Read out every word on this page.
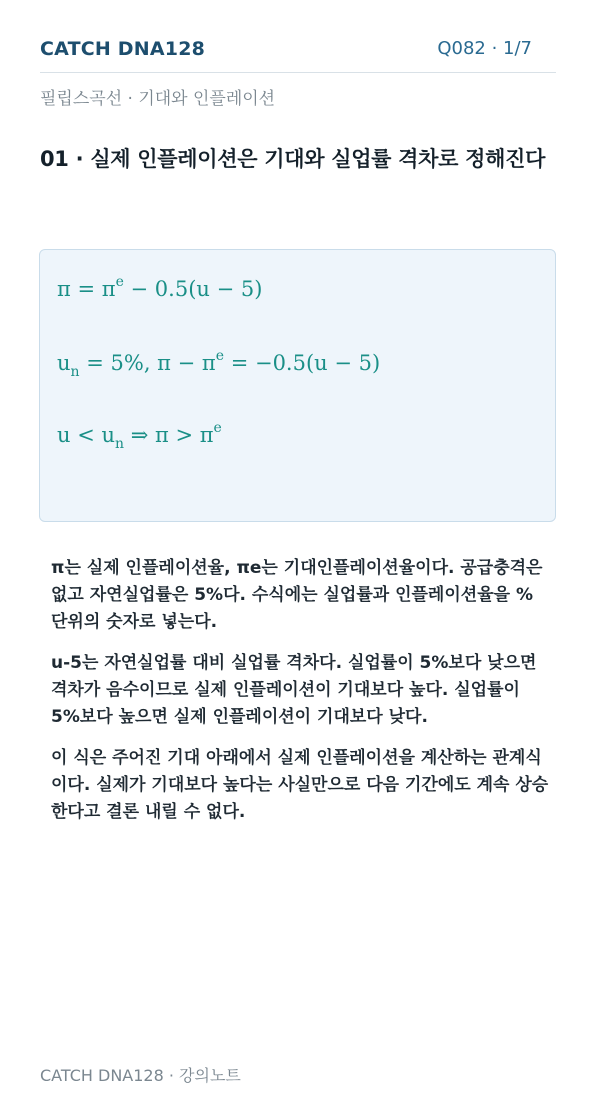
CATCH DNA128	Q082 · 1/7
필립스곡선 · 기대와 인플레이션
01 · 실제 인플레이션은 기대와 실업률 격차로 정해진다
$\pi = \pi^e - 0.5(u - 5)$
$u_n = 5\%$, $\pi - \pi^e = -0.5(u - 5)$
$u < u_n$ ⇒ $\pi > \pi^e$

π는 실제 인플레이션율, πe는 기대인플레이션율이다. 공급충격은 없고 자연실업률은 5%다. 수식에는 실업률과 인플레이션율을 % 단위의 숫자로 넣는다.

u-5는 자연실업률 대비 실업률 격차다. 실업률이 5%보다 낮으면 격차가 음수이므로 실제 인플레이션이 기대보다 높다. 실업률이 5%보다 높으면 실제 인플레이션이 기대보다 낮다.

이 식은 주어진 기대 아래에서 실제 인플레이션을 계산하는 관계식이다. 실제가 기대보다 높다는 사실만으로 다음 기간에도 계속 상승한다고 결론 내릴 수 없다.

CATCH DNA128 · 강의노트
